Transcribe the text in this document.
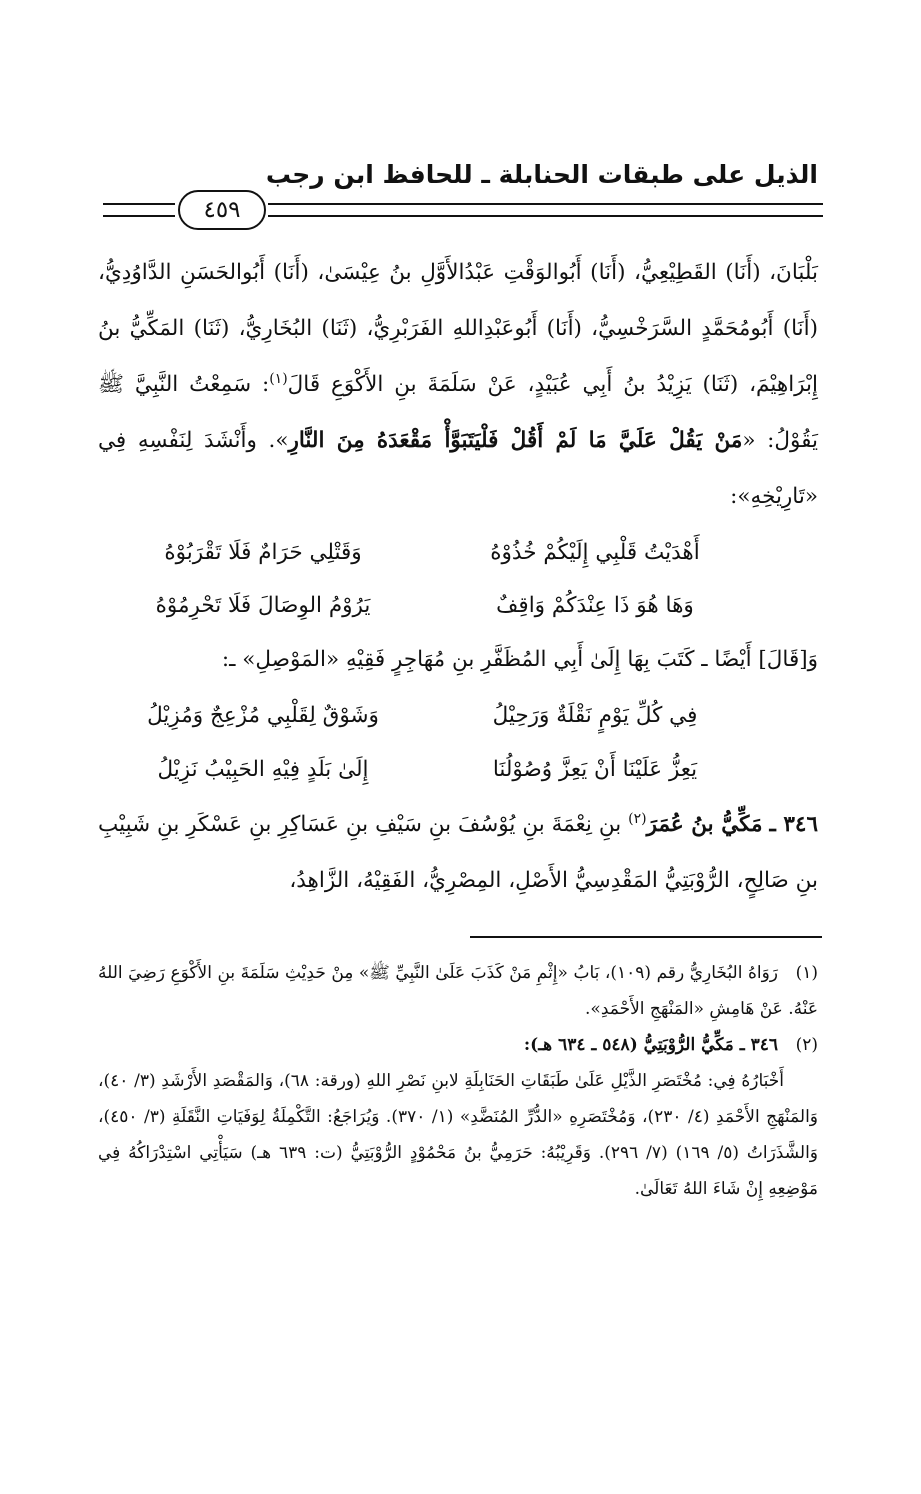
الذيل على طبقات الحنابلة ـ للحافظ ابن رجب
٤٥٩

بَلْبَانَ، (أَنَا) القَطِيْعِيُّ، (أَنَا) أَبُوالوَقْتِ عَبْدُالأَوَّلِ بنُ عِيْسَىٰ، (أَنَا) أَبُوالحَسَنِ الدَّاوُدِيُّ، (أَنَا) أَبُومُحَمَّدٍ السَّرَخْسِيُّ، (أَنَا) أَبُوعَبْدِاللهِ الفَرَبْرِيُّ، (ثَنَا) البُخَارِيُّ، (ثَنَا) المَكِّيُّ بنُ إِبْرَاهِيْمَ، (ثَنَا) يَزِيْدُ بنُ أَبِي عُبَيْدٍ، عَنْ سَلَمَةَ بنِ الأَكْوَعِ قَالَ$^{(١)}$: سَمِعْتُ النَّبِيَّ ﷺ يَقُوْلُ: «مَنْ يَقُلْ عَلَيَّ مَا لَمْ أَقُلْ فَلْيَتَبَوَّأْ مَقْعَدَهُ مِنَ النَّارِ». وأَنْشَدَ لِنَفْسِهِ فِي «تَارِيْخِهِ»:

أَهْدَيْتُ قَلْبِي إِلَيْكُمْ خُذُوْهُ
وَقَتْلِي حَرَامٌ فَلَا تَقْرَبُوْهُ
وَهَا هُوَ ذَا عِنْدَكُمْ وَاقِفٌ
يَرُوْمُ الوِصَالَ فَلَا تَحْرِمُوْهُ
وَ[قَالَ] أَيْضًا ـ كَتَبَ بِهَا إِلَىٰ أَبِي المُظَفَّرِ بنِ مُهَاجِرٍ فَقِيْهِ «المَوْصِلِ» ـ:
فِي كُلِّ يَوْمٍ نَقْلَةٌ وَرَحِيْلُ
وَشَوْقٌ لِقَلْبِي مُزْعِجٌ وَمُزِيْلُ
يَعِزُّ عَلَيْنَا أَنْ يَعِزَّ وُصُوْلُنَا
إِلَىٰ بَلَدٍ فِيْهِ الحَبِيْبُ نَزِيْلُ

٣٤٦ ـ مَكِّيُّ بنُ عُمَرَ$^{(٢)}$ بنِ نِعْمَةَ بنِ يُوْسُفَ بنِ سَيْفِ بنِ عَسَاكِرِ بنِ عَسْكَرِ بنِ شَبِيْبِ بنِ صَالِحٍ، الرُّوْبَتِيُّ المَقْدِسِيُّ الأَصْلِ، المِصْرِيُّ، الفَقِيْهُ، الزَّاهِدُ،

(١)رَوَاهُ البُخَارِيُّ رقم (١٠٩)، بَابُ «إِثْمِ مَنْ كَذَبَ عَلَىٰ النَّبِيِّ ﷺ» مِنْ حَدِيْثِ سَلَمَةَ بنِ الأَكْوَعِ رَضِيَ اللهُ عَنْهُ. عَنْ هَامِشِ «المَنْهَجِ الأَحْمَدِ».

(٢)٣٤٦ ـ مَكِّيُّ الرُّوْبَتِيُّ (٥٤٨ ـ ٦٣٤ هـ):

أَخْبَارُهُ فِي: مُخْتَصَرِ الذَّيْلِ عَلَىٰ طَبَقَاتِ الحَنَابِلَةِ لابنِ نَصْرِ اللهِ (ورقة: ٦٨)، وَالمَقْصَدِ الأَرْشَدِ (٣/ ٤٠)، وَالمَنْهَجِ الأَحْمَدِ (٤/ ٢٣٠)، وَمُخْتَصَرِهِ «الدُّرِّ المُنَضَّدِ» (١/ ٣٧٠). وَيُرَاجَعُ: التَّكْمِلَةُ لِوَفَيَاتِ النَّقَلَةِ (٣/ ٤٥٠)، وَالشَّذَرَاتُ (٥/ ١٦٩) (٧/ ٢٩٦). وَقَرِيْبُهُ: حَرَمِيُّ بنُ مَحْمُوْدٍ الرُّوْبَتِيُّ (ت: ٦٣٩ هـ) سَيَأْتِي اسْتِدْرَاكُهُ فِي مَوْضِعِهِ إِنْ شَاءَ اللهُ تَعَالَىٰ.
